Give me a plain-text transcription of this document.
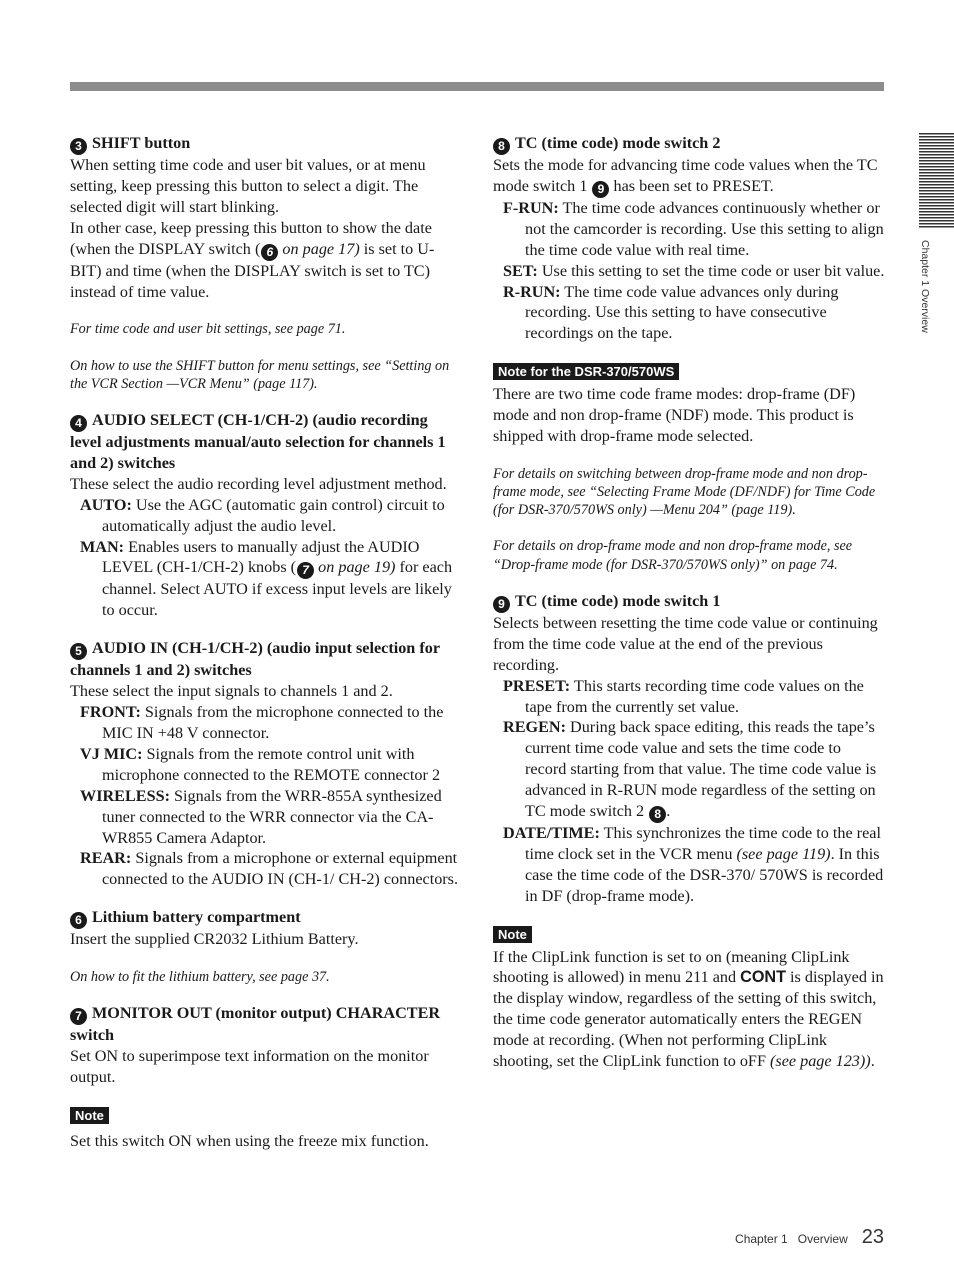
Chapter 1 Overview

3 SHIFT button

When setting time code and user bit values, or at menu setting, keep pressing this button to select a digit. The selected digit will start blinking.

In other case, keep pressing this button to show the date (when the DISPLAY switch ( 6 on page 17) is set to U-BIT) and time (when the DISPLAY switch is set to TC) instead of time value.

For time code and user bit settings, see page 71.

On how to use the SHIFT button for menu settings, see “Setting on the VCR Section —VCR Menu” (page 117).

4 AUDIO SELECT (CH-1/CH-2) (audio recording level adjustments manual/auto selection for channels 1 and 2) switches

These select the audio recording level adjustment method.

AUTO: Use the AGC (automatic gain control) circuit to automatically adjust the audio level.

MAN: Enables users to manually adjust the AUDIO LEVEL (CH-1/CH-2) knobs ( 7 on page 19) for each channel. Select AUTO if excess input levels are likely to occur.

5 AUDIO IN (CH-1/CH-2) (audio input selection for channels 1 and 2) switches

These select the input signals to channels 1 and 2.

FRONT: Signals from the microphone connected to the MIC IN +48 V connector.

VJ MIC: Signals from the remote control unit with microphone connected to the REMOTE connector 2

WIRELESS: Signals from the WRR-855A synthesized tuner connected to the WRR connector via the CA-WR855 Camera Adaptor.

REAR: Signals from a microphone or external equipment connected to the AUDIO IN (CH-1/ CH-2) connectors.

6 Lithium battery compartment

Insert the supplied CR2032 Lithium Battery.

On how to fit the lithium battery, see page 37.

7 MONITOR OUT (monitor output) CHARACTER switch

Set ON to superimpose text information on the monitor output.

Note

Set this switch ON when using the freeze mix function.

8 TC (time code) mode switch 2

Sets the mode for advancing time code values when the TC mode switch 1 9 has been set to PRESET.

F-RUN: The time code advances continuously whether or not the camcorder is recording. Use this setting to align the time code value with real time.

SET: Use this setting to set the time code or user bit value.

R-RUN: The time code value advances only during recording. Use this setting to have consecutive recordings on the tape.

Note for the DSR-370/570WS

There are two time code frame modes: drop-frame (DF) mode and non drop-frame (NDF) mode. This product is shipped with drop-frame mode selected.

For details on switching between drop-frame mode and non drop-frame mode, see “Selecting Frame Mode (DF/NDF) for Time Code (for DSR-370/570WS only) —Menu 204” (page 119).

For details on drop-frame mode and non drop-frame mode, see “Drop-frame mode (for DSR-370/570WS only)” on page 74.

9 TC (time code) mode switch 1

Selects between resetting the time code value or continuing from the time code value at the end of the previous recording.

PRESET: This starts recording time code values on the tape from the currently set value.

REGEN: During back space editing, this reads the tape’s current time code value and sets the time code to record starting from that value. The time code value is advanced in R-RUN mode regardless of the setting on TC mode switch 2 8 .

DATE/TIME: This synchronizes the time code to the real time clock set in the VCR menu (see page 119). In this case the time code of the DSR-370/ 570WS is recorded in DF (drop-frame mode).

Note

If the ClipLink function is set to on (meaning ClipLink shooting is allowed) in menu 211 and CONT is displayed in the display window, regardless of the setting of this switch, the time code generator automatically enters the REGEN mode at recording. (When not performing ClipLink shooting, set the ClipLink function to oFF (see page 123)).

Chapter 1   Overview 23
